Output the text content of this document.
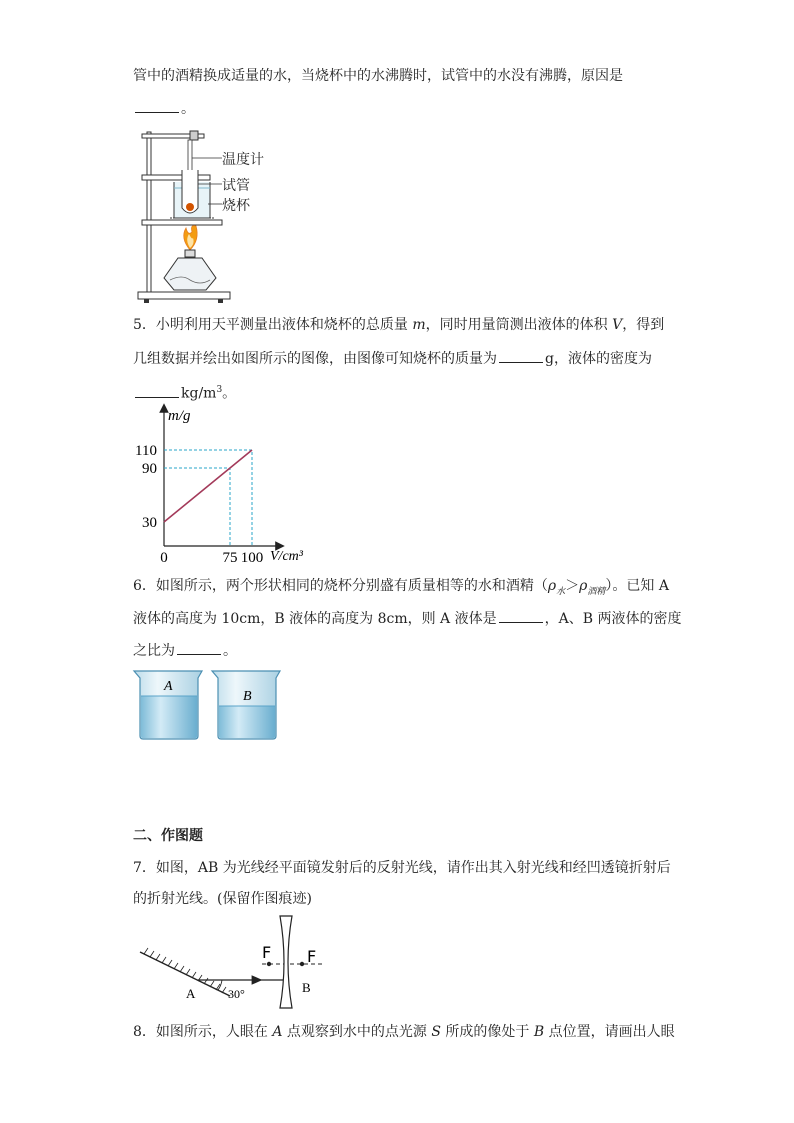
管中的酒精换成适量的水，当烧杯中的水沸腾时，试管中的水没有沸腾，原因是
。
温度计
试管
烧杯
5．小明利用天平测量出液体和烧杯的总质量 m，同时用量筒测出液体的体积 V，得到
几组数据并绘出如图所示的图像，由图像可知烧杯的质量为	g，液体的密度为
$kg/m^3$。
30
90
110
0	75 100
m/g
V/cm³
6．如图所示，两个形状相同的烧杯分别盛有质量相等的水和酒精$(\rho_水>\rho_{酒精})$。已知 A
液体的高度为 10cm，B 液体的高度为 8cm，则 A 液体是	，A、B 两液体的密度
之比为	。
A
B
二、作图题
7．如图，AB 为光线经平面镜发射后的反射光线，请作出其入射光线和经凹透镜折射后
的折射光线。(保留作图痕迹)
F F
A	B
30°
8．如图所示，人眼在 A 点观察到水中的点光源 S 所成的像处于 B 点位置，请画出人眼
